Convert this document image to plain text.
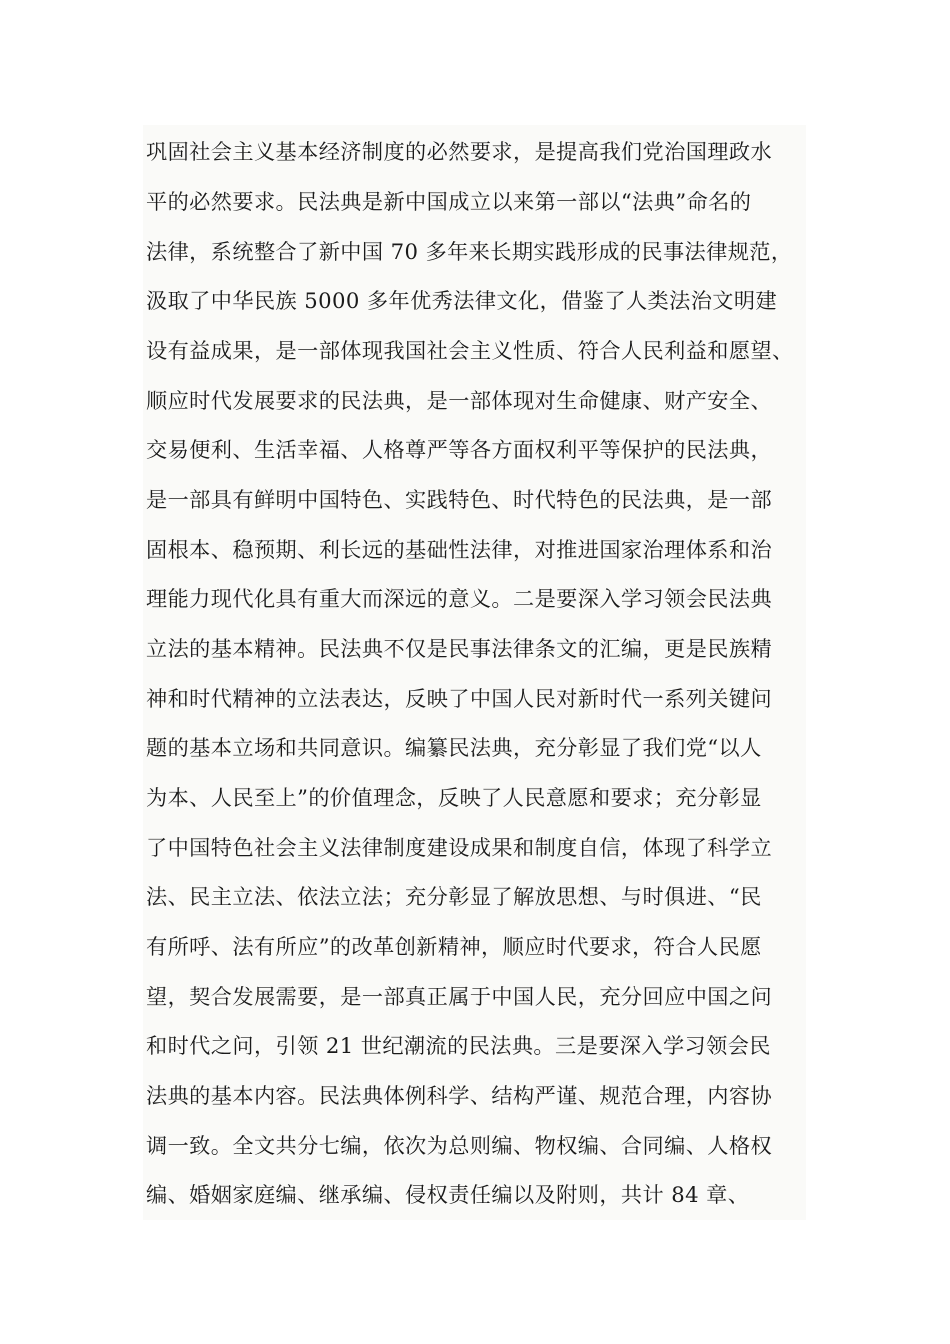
巩固社会主义基本经济制度的必然要求，是提高我们党治国理政水
平的必然要求。民法典是新中国成立以来第一部以“法典”命名的
法律，系统整合了新中国 70 多年来长期实践形成的民事法律规范，
汲取了中华民族 5000 多年优秀法律文化，借鉴了人类法治文明建
设有益成果，是一部体现我国社会主义性质、符合人民利益和愿望、
顺应时代发展要求的民法典，是一部体现对生命健康、财产安全、
交易便利、生活幸福、人格尊严等各方面权利平等保护的民法典，
是一部具有鲜明中国特色、实践特色、时代特色的民法典，是一部
固根本、稳预期、利长远的基础性法律，对推进国家治理体系和治
理能力现代化具有重大而深远的意义。二是要深入学习领会民法典
立法的基本精神。民法典不仅是民事法律条文的汇编，更是民族精
神和时代精神的立法表达，反映了中国人民对新时代一系列关键问
题的基本立场和共同意识。编纂民法典，充分彰显了我们党“以人
为本、人民至上”的价值理念，反映了人民意愿和要求；充分彰显
了中国特色社会主义法律制度建设成果和制度自信，体现了科学立
法、民主立法、依法立法；充分彰显了解放思想、与时俱进、“民
有所呼、法有所应”的改革创新精神，顺应时代要求，符合人民愿
望，契合发展需要，是一部真正属于中国人民，充分回应中国之问
和时代之问，引领 21 世纪潮流的民法典。三是要深入学习领会民
法典的基本内容。民法典体例科学、结构严谨、规范合理，内容协
调一致。全文共分七编，依次为总则编、物权编、合同编、人格权
编、婚姻家庭编、继承编、侵权责任编以及附则，共计 84 章、
